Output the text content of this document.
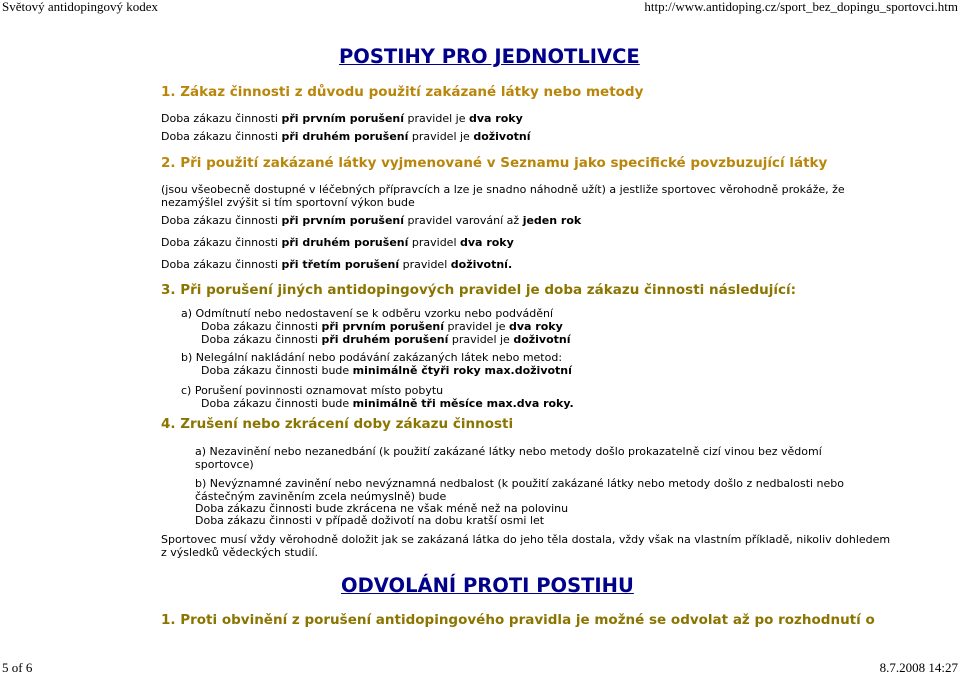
Světový antidopingový kodex	http://www.antidoping.cz/sport_bez_dopingu_sportovci.htm
POSTIHY PRO JEDNOTLIVCE
1. Zákaz činnosti z důvodu použití zakázané látky nebo metody
Doba zákazu činnosti při prvním porušení pravidel je dva roky
Doba zákazu činnosti při druhém porušení pravidel je doživotní
2. Při použití zakázané látky vyjmenované v Seznamu jako specifické povzbuzující látky
(jsou všeobecně dostupné v léčebných přípravcích a lze je snadno náhodně užít) a jestliže sportovec věrohodně prokáže, že
nezamýšlel zvýšit si tím sportovní výkon bude
Doba zákazu činnosti při prvním porušení pravidel varování až jeden rok
Doba zákazu činnosti při druhém porušení pravidel dva roky
Doba zákazu činnosti při třetím porušení pravidel doživotní.
3. Při porušení jiných antidopingových pravidel je doba zákazu činnosti následující:
a) Odmítnutí nebo nedostavení se k odběru vzorku nebo podvádění
Doba zákazu činnosti při prvním porušení pravidel je dva roky
Doba zákazu činnosti při druhém porušení pravidel je doživotní
b) Nelegální nakládání nebo podávání zakázaných látek nebo metod:
Doba zákazu činnosti bude minimálně čtyři roky max.doživotní
c) Porušení povinnosti oznamovat místo pobytu
Doba zákazu činnosti bude minimálně tři měsíce max.dva roky.
4. Zrušení nebo zkrácení doby zákazu činnosti
a) Nezavinění nebo nezanedbání (k použití zakázané látky nebo metody došlo prokazatelně cizí vinou bez vědomí
sportovce)
b) Nevýznamné zavinění nebo nevýznamná nedbalost (k použití zakázané látky nebo metody došlo z nedbalosti nebo
částečným zaviněním zcela neúmyslně) bude
Doba zákazu činnosti bude zkrácena ne však méně než na polovinu
Doba zákazu činnosti v případě doživotí na dobu kratší osmi let
Sportovec musí vždy věrohodně doložit jak se zakázaná látka do jeho těla dostala, vždy však na vlastním příkladě, nikoliv dohledem
z výsledků vědeckých studií.
ODVOLÁNÍ PROTI POSTIHU
1. Proti obvinění z porušení antidopingového pravidla je možné se odvolat až po rozhodnutí o
5 of 6	8.7.2008 14:27
